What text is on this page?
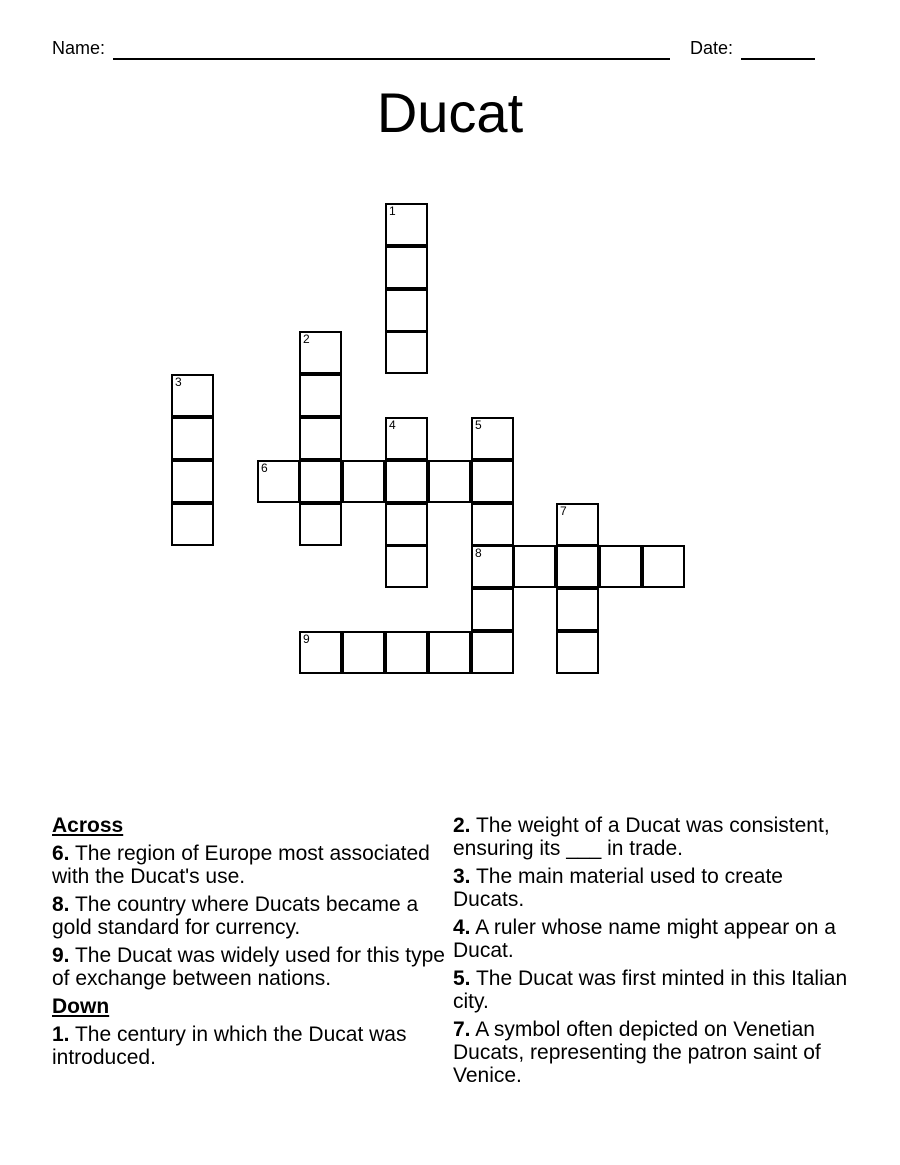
Name:	Date:
Ducat
1
2
3
4	5
8
6
7
9
Across
6. The region of Europe most associated with the Ducat's use.
8. The country where Ducats became a gold standard for currency.
9. The Ducat was widely used for this type of exchange between nations.
Down
1. The century in which the Ducat was introduced.
2. The weight of a Ducat was consistent, ensuring its ___ in trade.
3. The main material used to create Ducats.
4. A ruler whose name might appear on a Ducat.
5. The Ducat was first minted in this Italian city.
7. A symbol often depicted on Venetian Ducats, representing the patron saint of Venice.
